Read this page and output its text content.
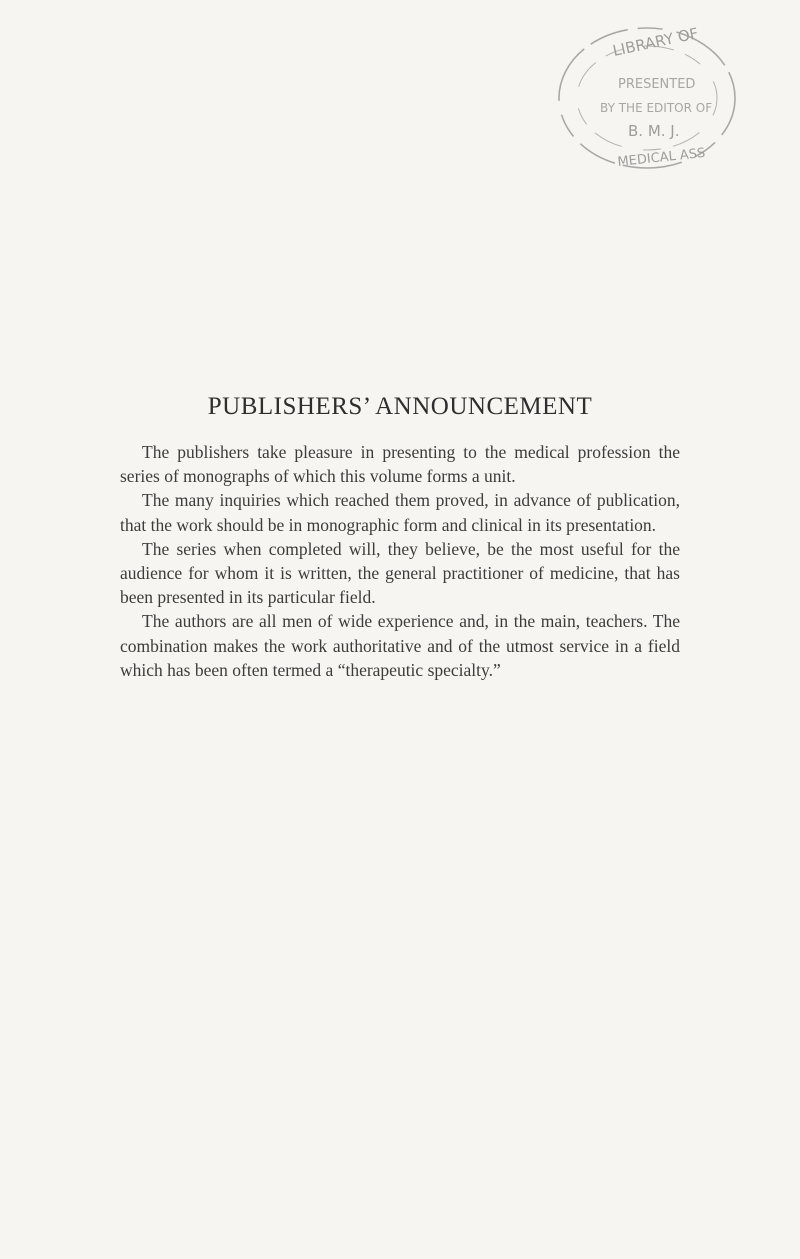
LIBRARY OF
PRESENTED
BY THE EDITOR OF
B. M. J.
MEDICAL ASS
PUBLISHERS’ ANNOUNCEMENT

The publishers take pleasure in presenting to the medical profession the series of monographs of which this volume forms a unit.

The many inquiries which reached them proved, in advance of publication, that the work should be in monographic form and clinical in its presentation.

The series when completed will, they believe, be the most useful for the audience for whom it is written, the general practitioner of medicine, that has been presented in its particular field.

The authors are all men of wide experience and, in the main, teachers. The combination makes the work authoritative and of the utmost service in a field which has been often termed a “therapeutic specialty.”
